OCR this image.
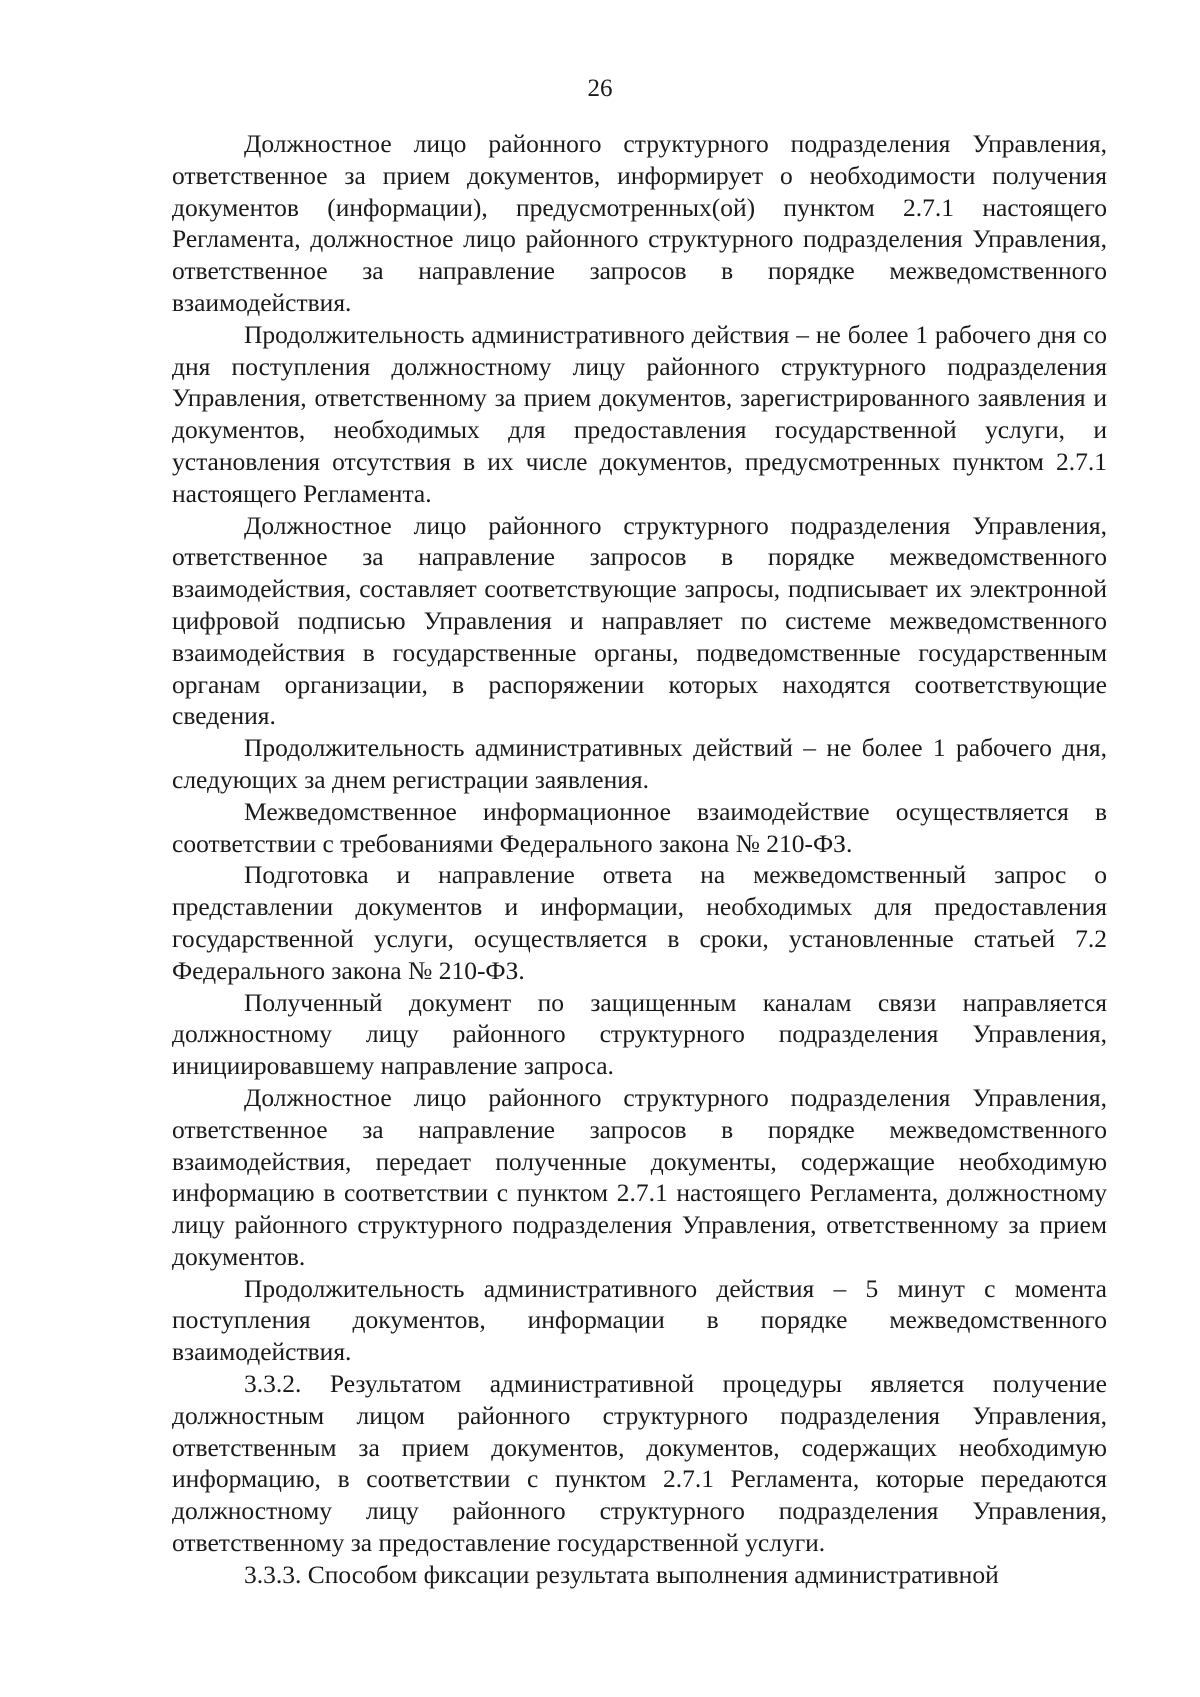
26

Должностное лицо районного структурного подразделения Управления, ответственное за прием документов, информирует о необходимости получения документов (информации), предусмотренных(ой) пунктом 2.7.1 настоящего Регламента, должностное лицо районного структурного подразделения Управления, ответственное за направление запросов в порядке межведомственного взаимодействия.

Продолжительность административного действия – не более 1 рабочего дня со дня поступления должностному лицу районного структурного подразделения Управления, ответственному за прием документов, зарегистрированного заявления и документов, необходимых для предоставления государственной услуги, и установления отсутствия в их числе документов, предусмотренных пунктом 2.7.1 настоящего Регламента.

Должностное лицо районного структурного подразделения Управления, ответственное за направление запросов в порядке межведомственного взаимодействия, составляет соответствующие запросы, подписывает их электронной цифровой подписью Управления и направляет по системе межведомственного взаимодействия в государственные органы, подведомственные государственным органам организации, в распоряжении которых находятся соответствующие сведения.

Продолжительность административных действий – не более 1 рабочего дня, следующих за днем регистрации заявления.

Межведомственное информационное взаимодействие осуществляется в соответствии с требованиями Федерального закона № 210-ФЗ.

Подготовка и направление ответа на межведомственный запрос о представлении документов и информации, необходимых для предоставления государственной услуги, осуществляется в сроки, установленные статьей 7.2 Федерального закона № 210-ФЗ.

Полученный документ по защищенным каналам связи направляется должностному лицу районного структурного подразделения Управления, инициировавшему направление запроса.

Должностное лицо районного структурного подразделения Управления, ответственное за направление запросов в порядке межведомственного взаимодействия, передает полученные документы, содержащие необходимую информацию в соответствии с пунктом 2.7.1 настоящего Регламента, должностному лицу районного структурного подразделения Управления, ответственному за прием документов.

Продолжительность административного действия – 5 минут с момента поступления документов, информации в порядке межведомственного взаимодействия.

3.3.2. Результатом административной процедуры является получение должностным лицом районного структурного подразделения Управления, ответственным за прием документов, документов, содержащих необходимую информацию, в соответствии с пунктом 2.7.1 Регламента, которые передаются должностному лицу районного структурного подразделения Управления, ответственному за предоставление государственной услуги.

3.3.3. Способом фиксации результата выполнения административной
